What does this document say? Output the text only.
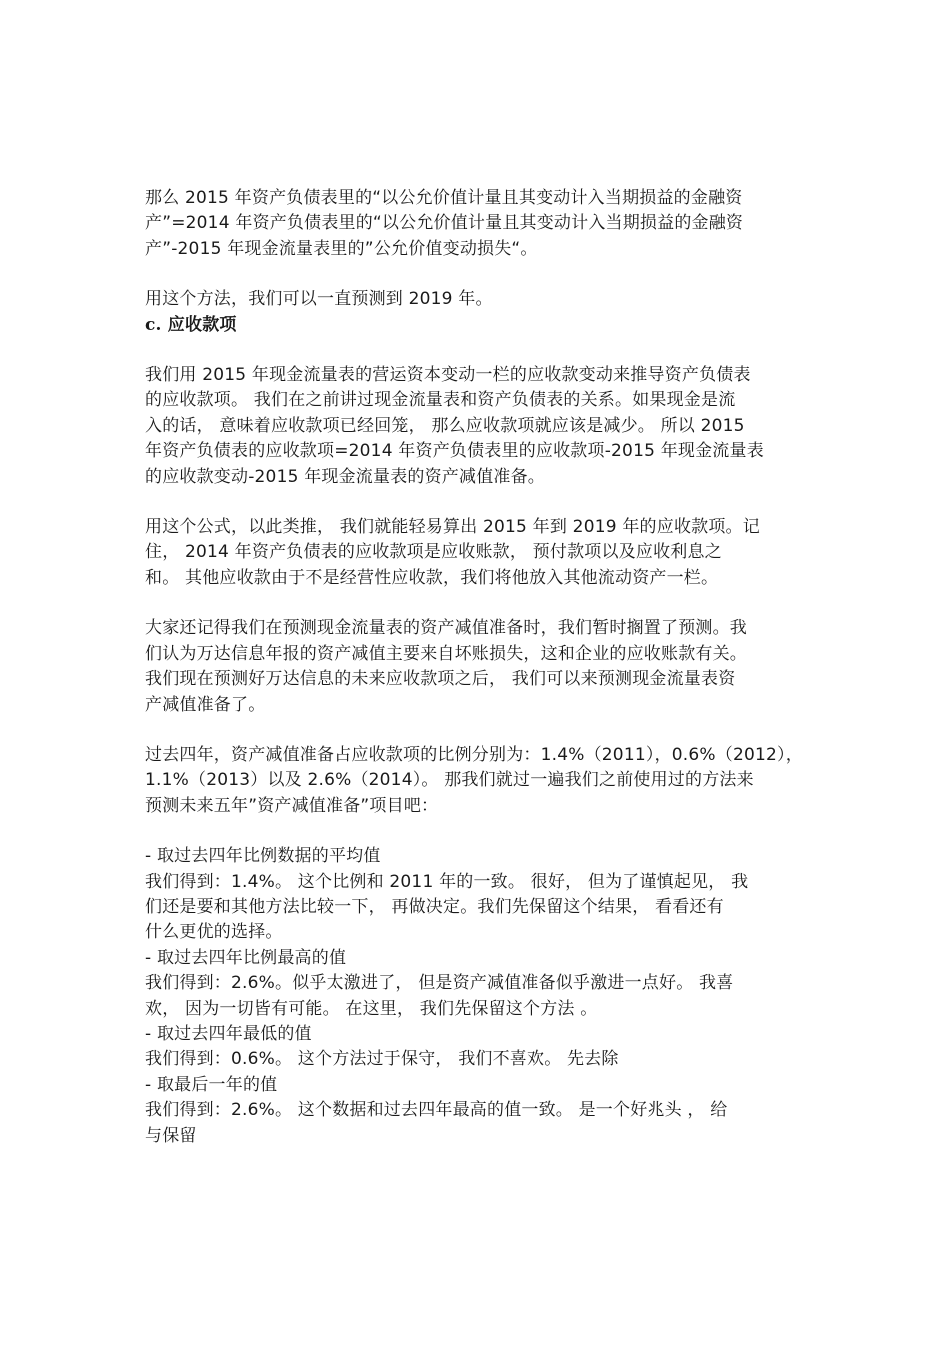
那么 2015 年资产负债表里的“以公允价值计量且其变动计入当期损益的金融资
产”=2014 年资产负债表里的“以公允价值计量且其变动计入当期损益的金融资
产”-2015 年现金流量表里的”公允价值变动损失“。

用这个方法，我们可以一直预测到 2019 年。

c. 应收款项

我们用 2015 年现金流量表的营运资本变动一栏的应收款变动来推导资产负债表
的应收款项。 我们在之前讲过现金流量表和资产负债表的关系。如果现金是流
入的话， 意味着应收款项已经回笼， 那么应收款项就应该是减少。 所以 2015
年资产负债表的应收款项=2014 年资产负债表里的应收款项-2015 年现金流量表
的应收款变动-2015 年现金流量表的资产减值准备。

用这个公式，以此类推， 我们就能轻易算出 2015 年到 2019 年的应收款项。记
住， 2014 年资产负债表的应收款项是应收账款， 预付款项以及应收利息之
和。 其他应收款由于不是经营性应收款，我们将他放入其他流动资产一栏。

大家还记得我们在预测现金流量表的资产减值准备时，我们暂时搁置了预测。我
们认为万达信息年报的资产减值主要来自坏账损失，这和企业的应收账款有关。
我们现在预测好万达信息的未来应收款项之后， 我们可以来预测现金流量表资
产减值准备了。

过去四年，资产减值准备占应收款项的比例分别为：1.4%（2011），0.6%（2012），
1.1%（2013）以及 2.6%（2014）。 那我们就过一遍我们之前使用过的方法来
预测未来五年”资产减值准备”项目吧：

- 取过去四年比例数据的平均值
我们得到：1.4%。 这个比例和 2011 年的一致。 很好， 但为了谨慎起见， 我
们还是要和其他方法比较一下， 再做决定。我们先保留这个结果， 看看还有
什么更优的选择。
- 取过去四年比例最高的值
我们得到：2.6%。似乎太激进了， 但是资产减值准备似乎激进一点好。 我喜
欢， 因为一切皆有可能。 在这里， 我们先保留这个方法 。
- 取过去四年最低的值
我们得到：0.6%。 这个方法过于保守， 我们不喜欢。 先去除
- 取最后一年的值
我们得到：2.6%。 这个数据和过去四年最高的值一致。 是一个好兆头 ， 给
与保留
